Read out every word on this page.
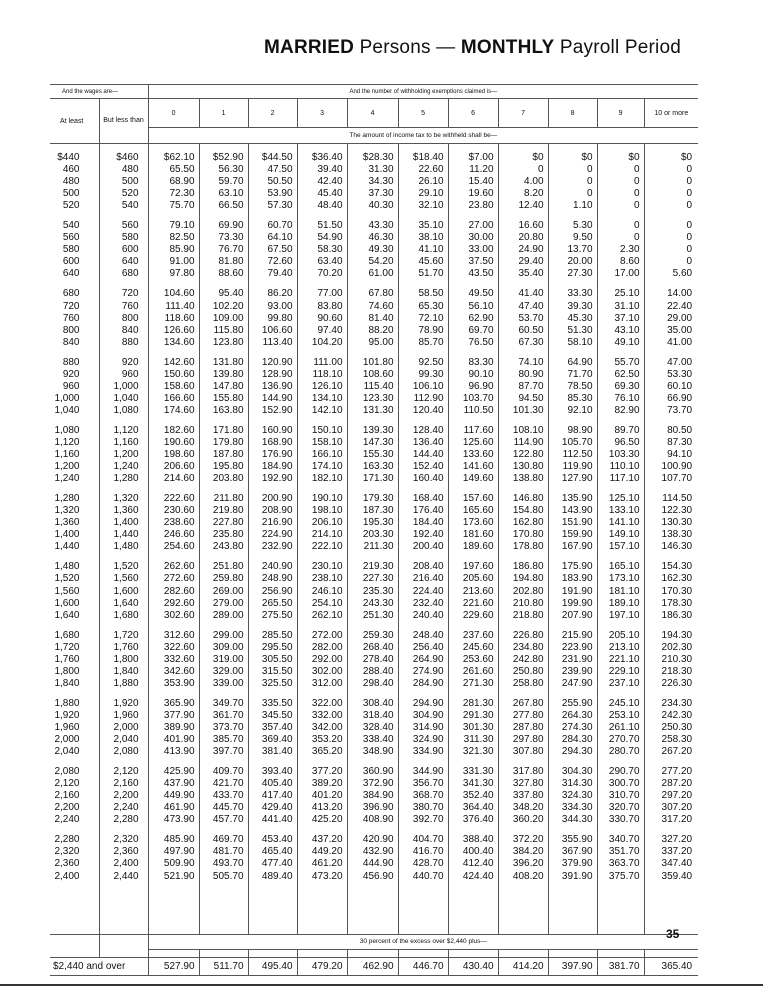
MARRIED Persons — MONTHLY Payroll Period
And the wages are—		And the number of withholding exemptions claimed is—										
At least	But less than	0	1	2	3	4	5	6	7	8	9	10 or more
		The amount of income tax to be withheld shall be—										

$440	$460	$62.10	$52.90	$44.50	$36.40	$28.30	$18.40	$7.00	$0	$0	$0	$0
460	480	65.50	56.30	47.50	39.40	31.30	22.60	11.20	0	0	0	0
480	500	68.90	59.70	50.50	42.40	34.30	26.10	15.40	4.00	0	0	0
500	520	72.30	63.10	53.90	45.40	37.30	29.10	19.60	8.20	0	0	0
520	540	75.70	66.50	57.30	48.40	40.30	32.10	23.80	12.40	1.10	0	0

540	560	79.10	69.90	60.70	51.50	43.30	35.10	27.00	16.60	5.30	0	0
560	580	82.50	73.30	64.10	54.90	46.30	38.10	30.00	20.80	9.50	0	0
580	600	85.90	76.70	67.50	58.30	49.30	41.10	33.00	24.90	13.70	2.30	0
600	640	91.00	81.80	72.60	63.40	54.20	45.60	37.50	29.40	20.00	8.60	0
640	680	97.80	88.60	79.40	70.20	61.00	51.70	43.50	35.40	27.30	17.00	5.60

680	720	104.60	95.40	86.20	77.00	67.80	58.50	49.50	41.40	33.30	25.10	14.00
720	760	111.40	102.20	93.00	83.80	74.60	65.30	56.10	47.40	39.30	31.10	22.40
760	800	118.60	109.00	99.80	90.60	81.40	72.10	62.90	53.70	45.30	37.10	29.00
800	840	126.60	115.80	106.60	97.40	88.20	78.90	69.70	60.50	51.30	43.10	35.00
840	880	134.60	123.80	113.40	104.20	95.00	85.70	76.50	67.30	58.10	49.10	41.00

880	920	142.60	131.80	120.90	111.00	101.80	92.50	83.30	74.10	64.90	55.70	47.00
920	960	150.60	139.80	128.90	118.10	108.60	99.30	90.10	80.90	71.70	62.50	53.30
960	1,000	158.60	147.80	136.90	126.10	115.40	106.10	96.90	87.70	78.50	69.30	60.10
1,000	1,040	166.60	155.80	144.90	134.10	123.30	112.90	103.70	94.50	85.30	76.10	66.90
1,040	1,080	174.60	163.80	152.90	142.10	131.30	120.40	110.50	101.30	92.10	82.90	73.70

1,080	1,120	182.60	171.80	160.90	150.10	139.30	128.40	117.60	108.10	98.90	89.70	80.50
1,120	1,160	190.60	179.80	168.90	158.10	147.30	136.40	125.60	114.90	105.70	96.50	87.30
1,160	1,200	198.60	187.80	176.90	166.10	155.30	144.40	133.60	122.80	112.50	103.30	94.10
1,200	1,240	206.60	195.80	184.90	174.10	163.30	152.40	141.60	130.80	119.90	110.10	100.90
1,240	1,280	214.60	203.80	192.90	182.10	171.30	160.40	149.60	138.80	127.90	117.10	107.70

1,280	1,320	222.60	211.80	200.90	190.10	179.30	168.40	157.60	146.80	135.90	125.10	114.50
1,320	1,360	230.60	219.80	208.90	198.10	187.30	176.40	165.60	154.80	143.90	133.10	122.30
1,360	1,400	238.60	227.80	216.90	206.10	195.30	184.40	173.60	162.80	151.90	141.10	130.30
1,400	1,440	246.60	235.80	224.90	214.10	203.30	192.40	181.60	170.80	159.90	149.10	138.30
1,440	1,480	254.60	243.80	232.90	222.10	211.30	200.40	189.60	178.80	167.90	157.10	146.30

1,480	1,520	262.60	251.80	240.90	230.10	219.30	208.40	197.60	186.80	175.90	165.10	154.30
1,520	1,560	272.60	259.80	248.90	238.10	227.30	216.40	205.60	194.80	183.90	173.10	162.30
1,560	1,600	282.60	269.00	256.90	246.10	235.30	224.40	213.60	202.80	191.90	181.10	170.30
1,600	1,640	292.60	279.00	265.50	254.10	243.30	232.40	221.60	210.80	199.90	189.10	178.30
1,640	1,680	302.60	289.00	275.50	262.10	251.30	240.40	229.60	218.80	207.90	197.10	186.30

1,680	1,720	312.60	299.00	285.50	272.00	259.30	248.40	237.60	226.80	215.90	205.10	194.30
1,720	1,760	322.60	309.00	295.50	282.00	268.40	256.40	245.60	234.80	223.90	213.10	202.30
1,760	1,800	332.60	319.00	305.50	292.00	278.40	264.90	253.60	242.80	231.90	221.10	210.30
1,800	1,840	342.60	329.00	315.50	302.00	288.40	274.90	261.60	250.80	239.90	229.10	218.30
1,840	1,880	353.90	339.00	325.50	312.00	298.40	284.90	271.30	258.80	247.90	237.10	226.30

1,880	1,920	365.90	349.70	335.50	322.00	308.40	294.90	281.30	267.80	255.90	245.10	234.30
1,920	1,960	377.90	361.70	345.50	332.00	318.40	304.90	291.30	277.80	264.30	253.10	242.30
1,960	2,000	389.90	373.70	357.40	342.00	328.40	314.90	301.30	287.80	274.30	261.10	250.30
2,000	2,040	401.90	385.70	369.40	353.20	338.40	324.90	311.30	297.80	284.30	270.70	258.30
2,040	2,080	413.90	397.70	381.40	365.20	348.90	334.90	321.30	307.80	294.30	280.70	267.20

2,080	2,120	425.90	409.70	393.40	377.20	360.90	344.90	331.30	317.80	304.30	290.70	277.20
2,120	2,160	437.90	421.70	405.40	389.20	372.90	356.70	341.30	327.80	314.30	300.70	287.20
2,160	2,200	449.90	433.70	417.40	401.20	384.90	368.70	352.40	337.80	324.30	310.70	297.20
2,200	2,240	461.90	445.70	429.40	413.20	396.90	380.70	364.40	348.20	334.30	320.70	307.20
2,240	2,280	473.90	457.70	441.40	425.20	408.90	392.70	376.40	360.20	344.30	330.70	317.20

2,280	2,320	485.90	469.70	453.40	437.20	420.90	404.70	388.40	372.20	355.90	340.70	327.20
2,320	2,360	497.90	481.70	465.40	449.20	432.90	416.70	400.40	384.20	367.90	351.70	337.20
2,360	2,400	509.90	493.70	477.40	461.20	444.90	428.70	412.40	396.20	379.90	363.70	347.40
2,400	2,440	521.90	505.70	489.40	473.20	456.90	440.70	424.40	408.20	391.90	375.70	359.40

		30 percent of the excess over $2,440 plus—										

$2,440 and over		527.90	511.70	495.40	479.20	462.90	446.70	430.40	414.20	397.90	381.70	365.40
35
